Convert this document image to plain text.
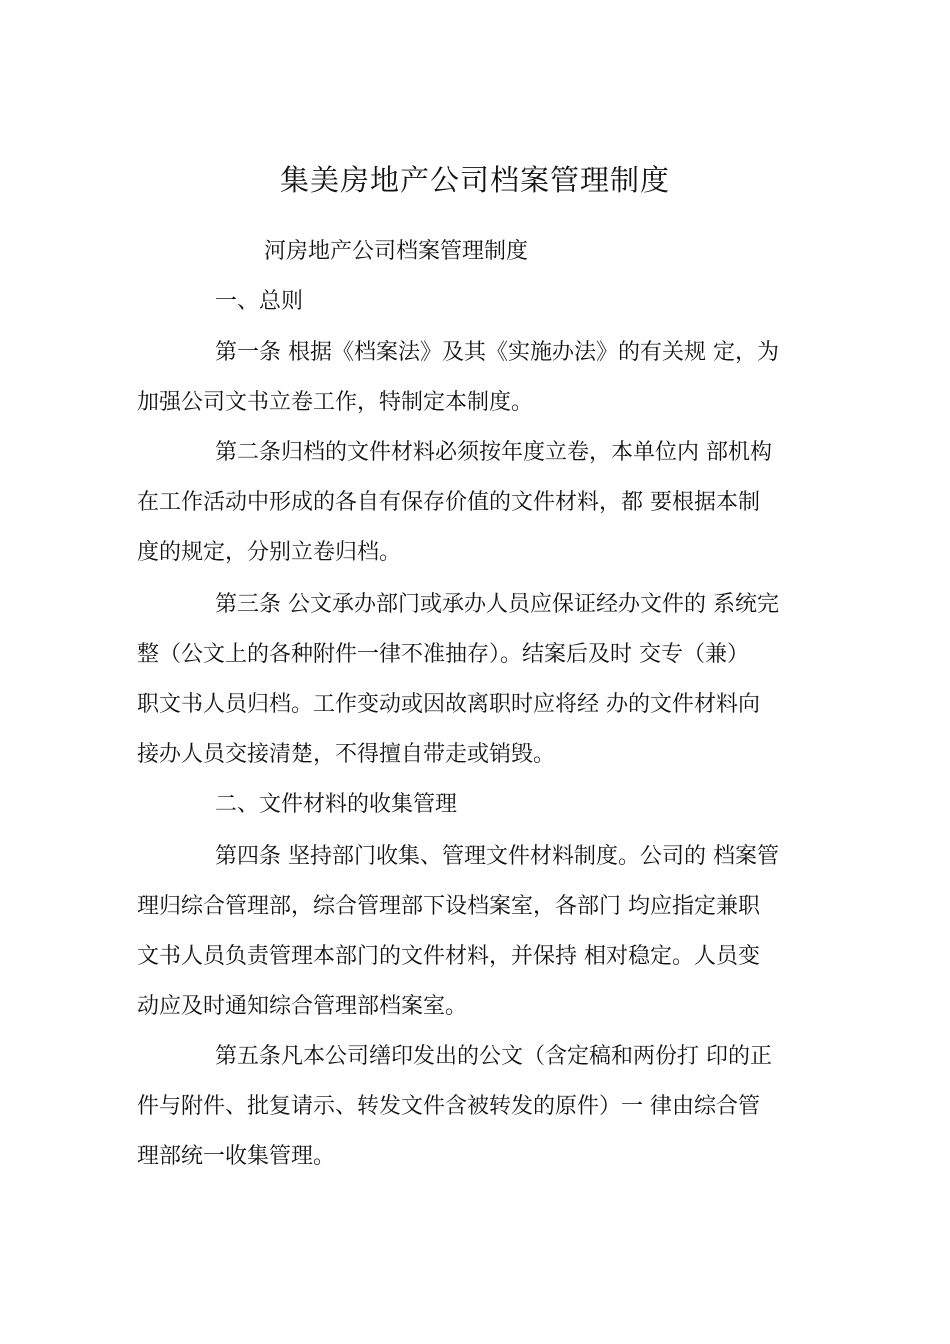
集美房地产公司档案管理制度
河房地产公司档案管理制度
一、总则
第一条 根据《档案法》及其《实施办法》的有关规 定，为
加强公司文书立卷工作，特制定本制度。
第二条归档的文件材料必须按年度立卷，本单位内 部机构
在工作活动中形成的各自有保存价值的文件材料，都 要根据本制
度的规定，分别立卷归档。
第三条 公文承办部门或承办人员应保证经办文件的 系统完
整（公文上的各种附件一律不准抽存）。结案后及时 交专（兼）
职文书人员归档。工作变动或因故离职时应将经 办的文件材料向
接办人员交接清楚，不得擅自带走或销毁。
二、文件材料的收集管理
第四条 坚持部门收集、管理文件材料制度。公司的 档案管
理归综合管理部，综合管理部下设档案室，各部门 均应指定兼职
文书人员负责管理本部门的文件材料，并保持 相对稳定。人员变
动应及时通知综合管理部档案室。
第五条凡本公司缮印发出的公文（含定稿和两份打 印的正
件与附件、批复请示、转发文件含被转发的原件）一 律由综合管
理部统一收集管理。
